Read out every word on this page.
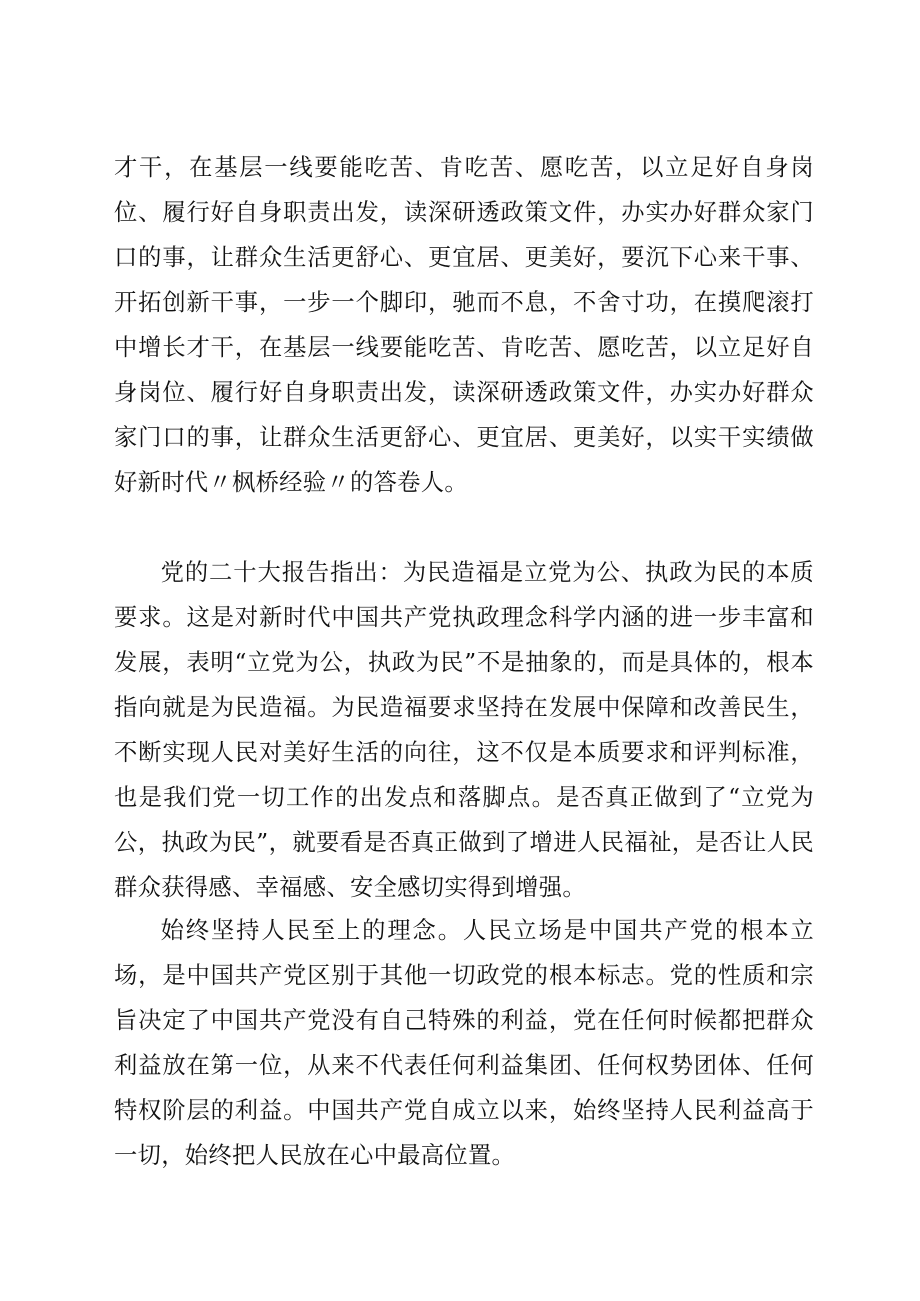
才干，在基层一线要能吃苦、肯吃苦、愿吃苦，以立足好自身岗位、履行好自身职责出发，读深研透政策文件，办实办好群众家门口的事，让群众生活更舒心、更宜居、更美好，要沉下心来干事、开拓创新干事，一步一个脚印，驰而不息，不舍寸功，在摸爬滚打中增长才干，在基层一线要能吃苦、肯吃苦、愿吃苦，以立足好自身岗位、履行好自身职责出发，读深研透政策文件，办实办好群众家门口的事，让群众生活更舒心、更宜居、更美好，以实干实绩做好新时代〃枫桥经验〃的答卷人。

党的二十大报告指出：为民造福是立党为公、执政为民的本质要求。这是对新时代中国共产党执政理念科学内涵的进一步丰富和发展，表明“立党为公，执政为民”不是抽象的，而是具体的，根本指向就是为民造福。为民造福要求坚持在发展中保障和改善民生，不断实现人民对美好生活的向往，这不仅是本质要求和评判标准，也是我们党一切工作的出发点和落脚点。是否真正做到了“立党为公，执政为民”，就要看是否真正做到了增进人民福祉，是否让人民群众获得感、幸福感、安全感切实得到增强。

始终坚持人民至上的理念。人民立场是中国共产党的根本立场，是中国共产党区别于其他一切政党的根本标志。党的性质和宗旨决定了中国共产党没有自己特殊的利益，党在任何时候都把群众利益放在第一位，从来不代表任何利益集团、任何权势团体、任何特权阶层的利益。中国共产党自成立以来，始终坚持人民利益高于一切，始终把人民放在心中最高位置。
